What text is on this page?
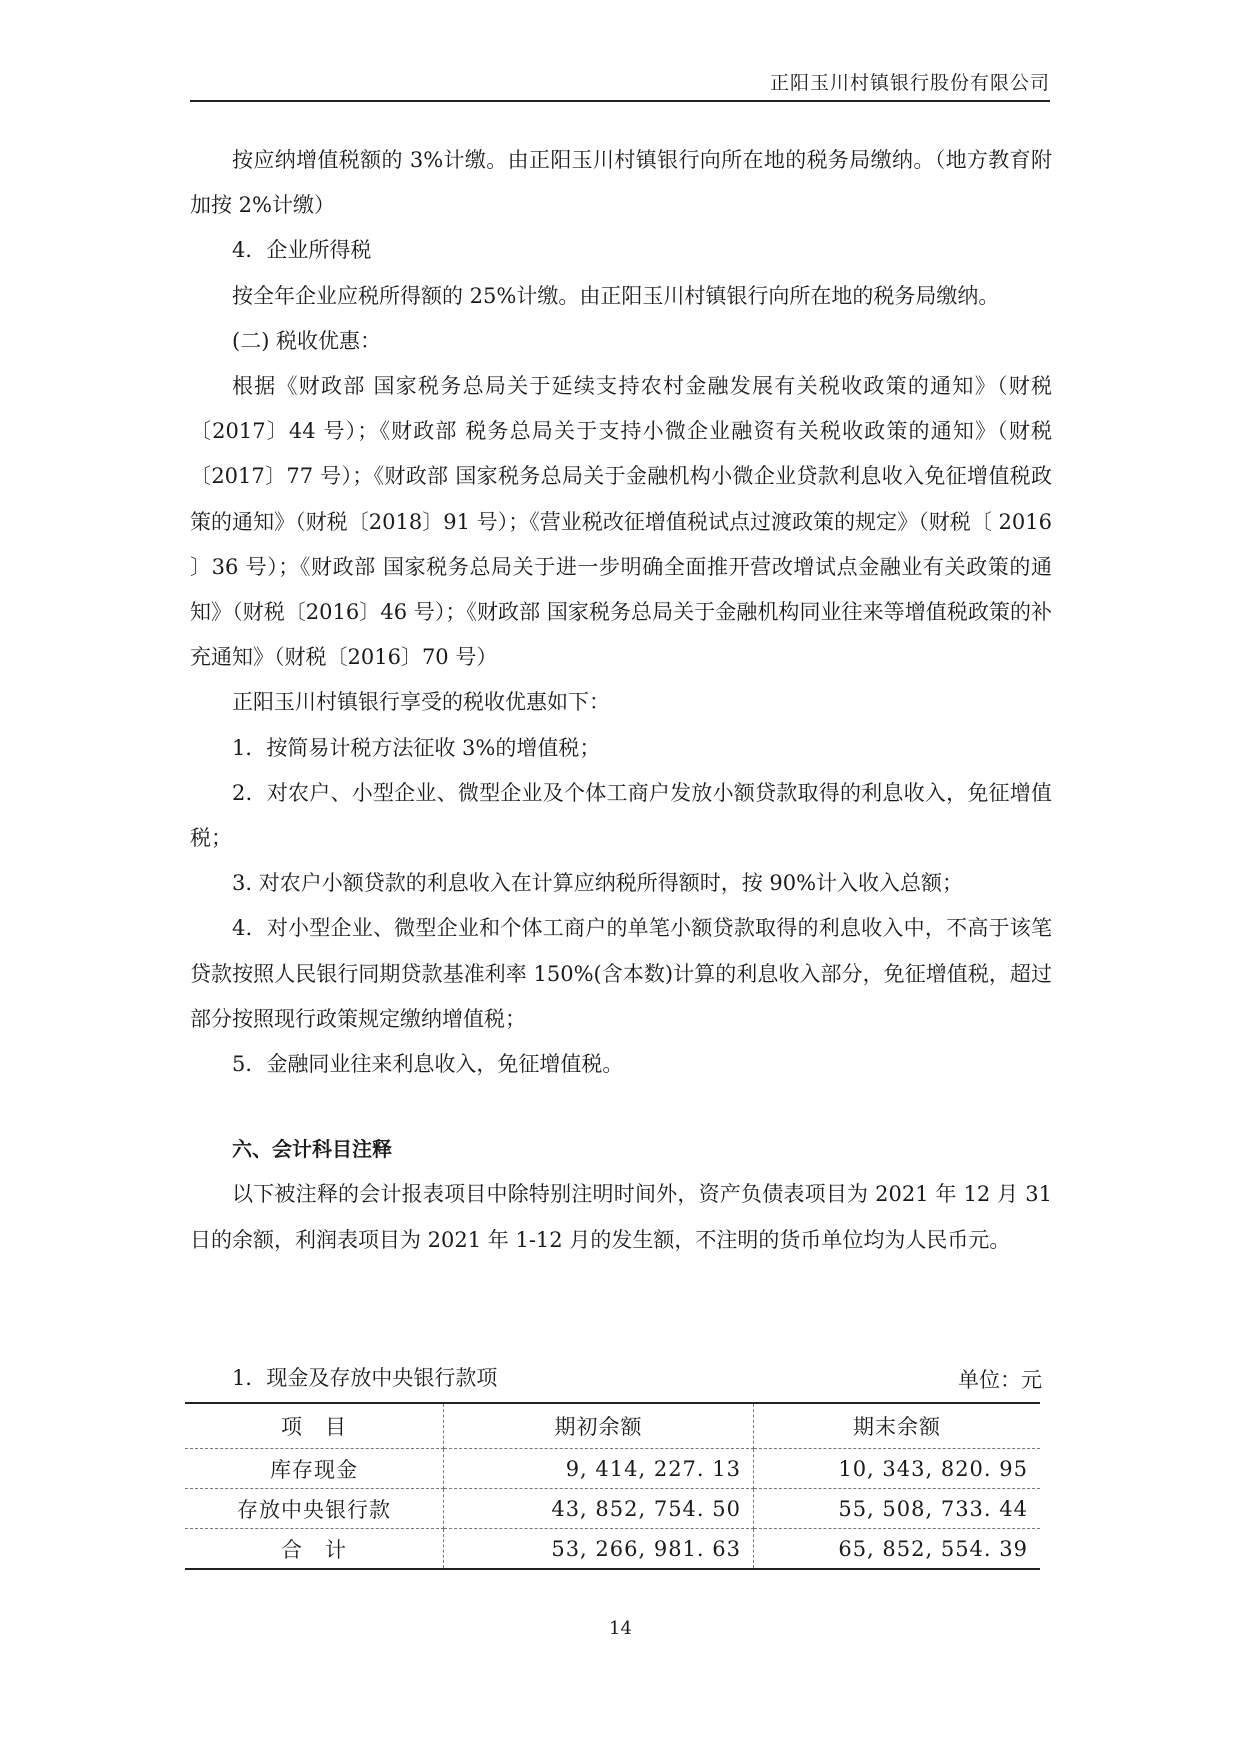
正阳玉川村镇银行股份有限公司

按应纳增值税额的 3%计缴。由正阳玉川村镇银行向所在地的税务局缴纳。（地方教育附加按 2%计缴）

4．企业所得税

按全年企业应税所得额的 25%计缴。由正阳玉川村镇银行向所在地的税务局缴纳。

(二) 税收优惠：

根据《财政部 国家税务总局关于延续支持农村金融发展有关税收政策的通知》（财税〔2017〕44 号）；《财政部 税务总局关于支持小微企业融资有关税收政策的通知》（财税〔2017〕77 号）；《财政部 国家税务总局关于金融机构小微企业贷款利息收入免征增值税政策的通知》（财税〔2018〕91 号）；《营业税改征增值税试点过渡政策的规定》（财税〔 2016 〕36 号）；《财政部 国家税务总局关于进一步明确全面推开营改增试点金融业有关政策的通知》（财税〔2016〕46 号）；《财政部 国家税务总局关于金融机构同业往来等增值税政策的补充通知》（财税〔2016〕70 号）

正阳玉川村镇银行享受的税收优惠如下：

1．按简易计税方法征收 3%的增值税；

2．对农户、小型企业、微型企业及个体工商户发放小额贷款取得的利息收入，免征增值税；

3. 对农户小额贷款的利息收入在计算应纳税所得额时，按 90%计入收入总额；

4．对小型企业、微型企业和个体工商户的单笔小额贷款取得的利息收入中，不高于该笔贷款按照人民银行同期贷款基准利率 150%(含本数)计算的利息收入部分，免征增值税，超过部分按照现行政策规定缴纳增值税；

5．金融同业往来利息收入，免征增值税。

六、会计科目注释

以下被注释的会计报表项目中除特别注明时间外，资产负债表项目为 2021 年 12 月 31 日的余额，利润表项目为 2021 年 1-12 月的发生额，不注明的货币单位均为人民币元。

1．现金及存放中央银行款项	单位：元
项　目	期初余额	期末余额
库存现金	9, 414, 227. 13	10, 343, 820. 95
存放中央银行款	43, 852, 754. 50	55, 508, 733. 44
合　计	53, 266, 981. 63	65, 852, 554. 39
14
